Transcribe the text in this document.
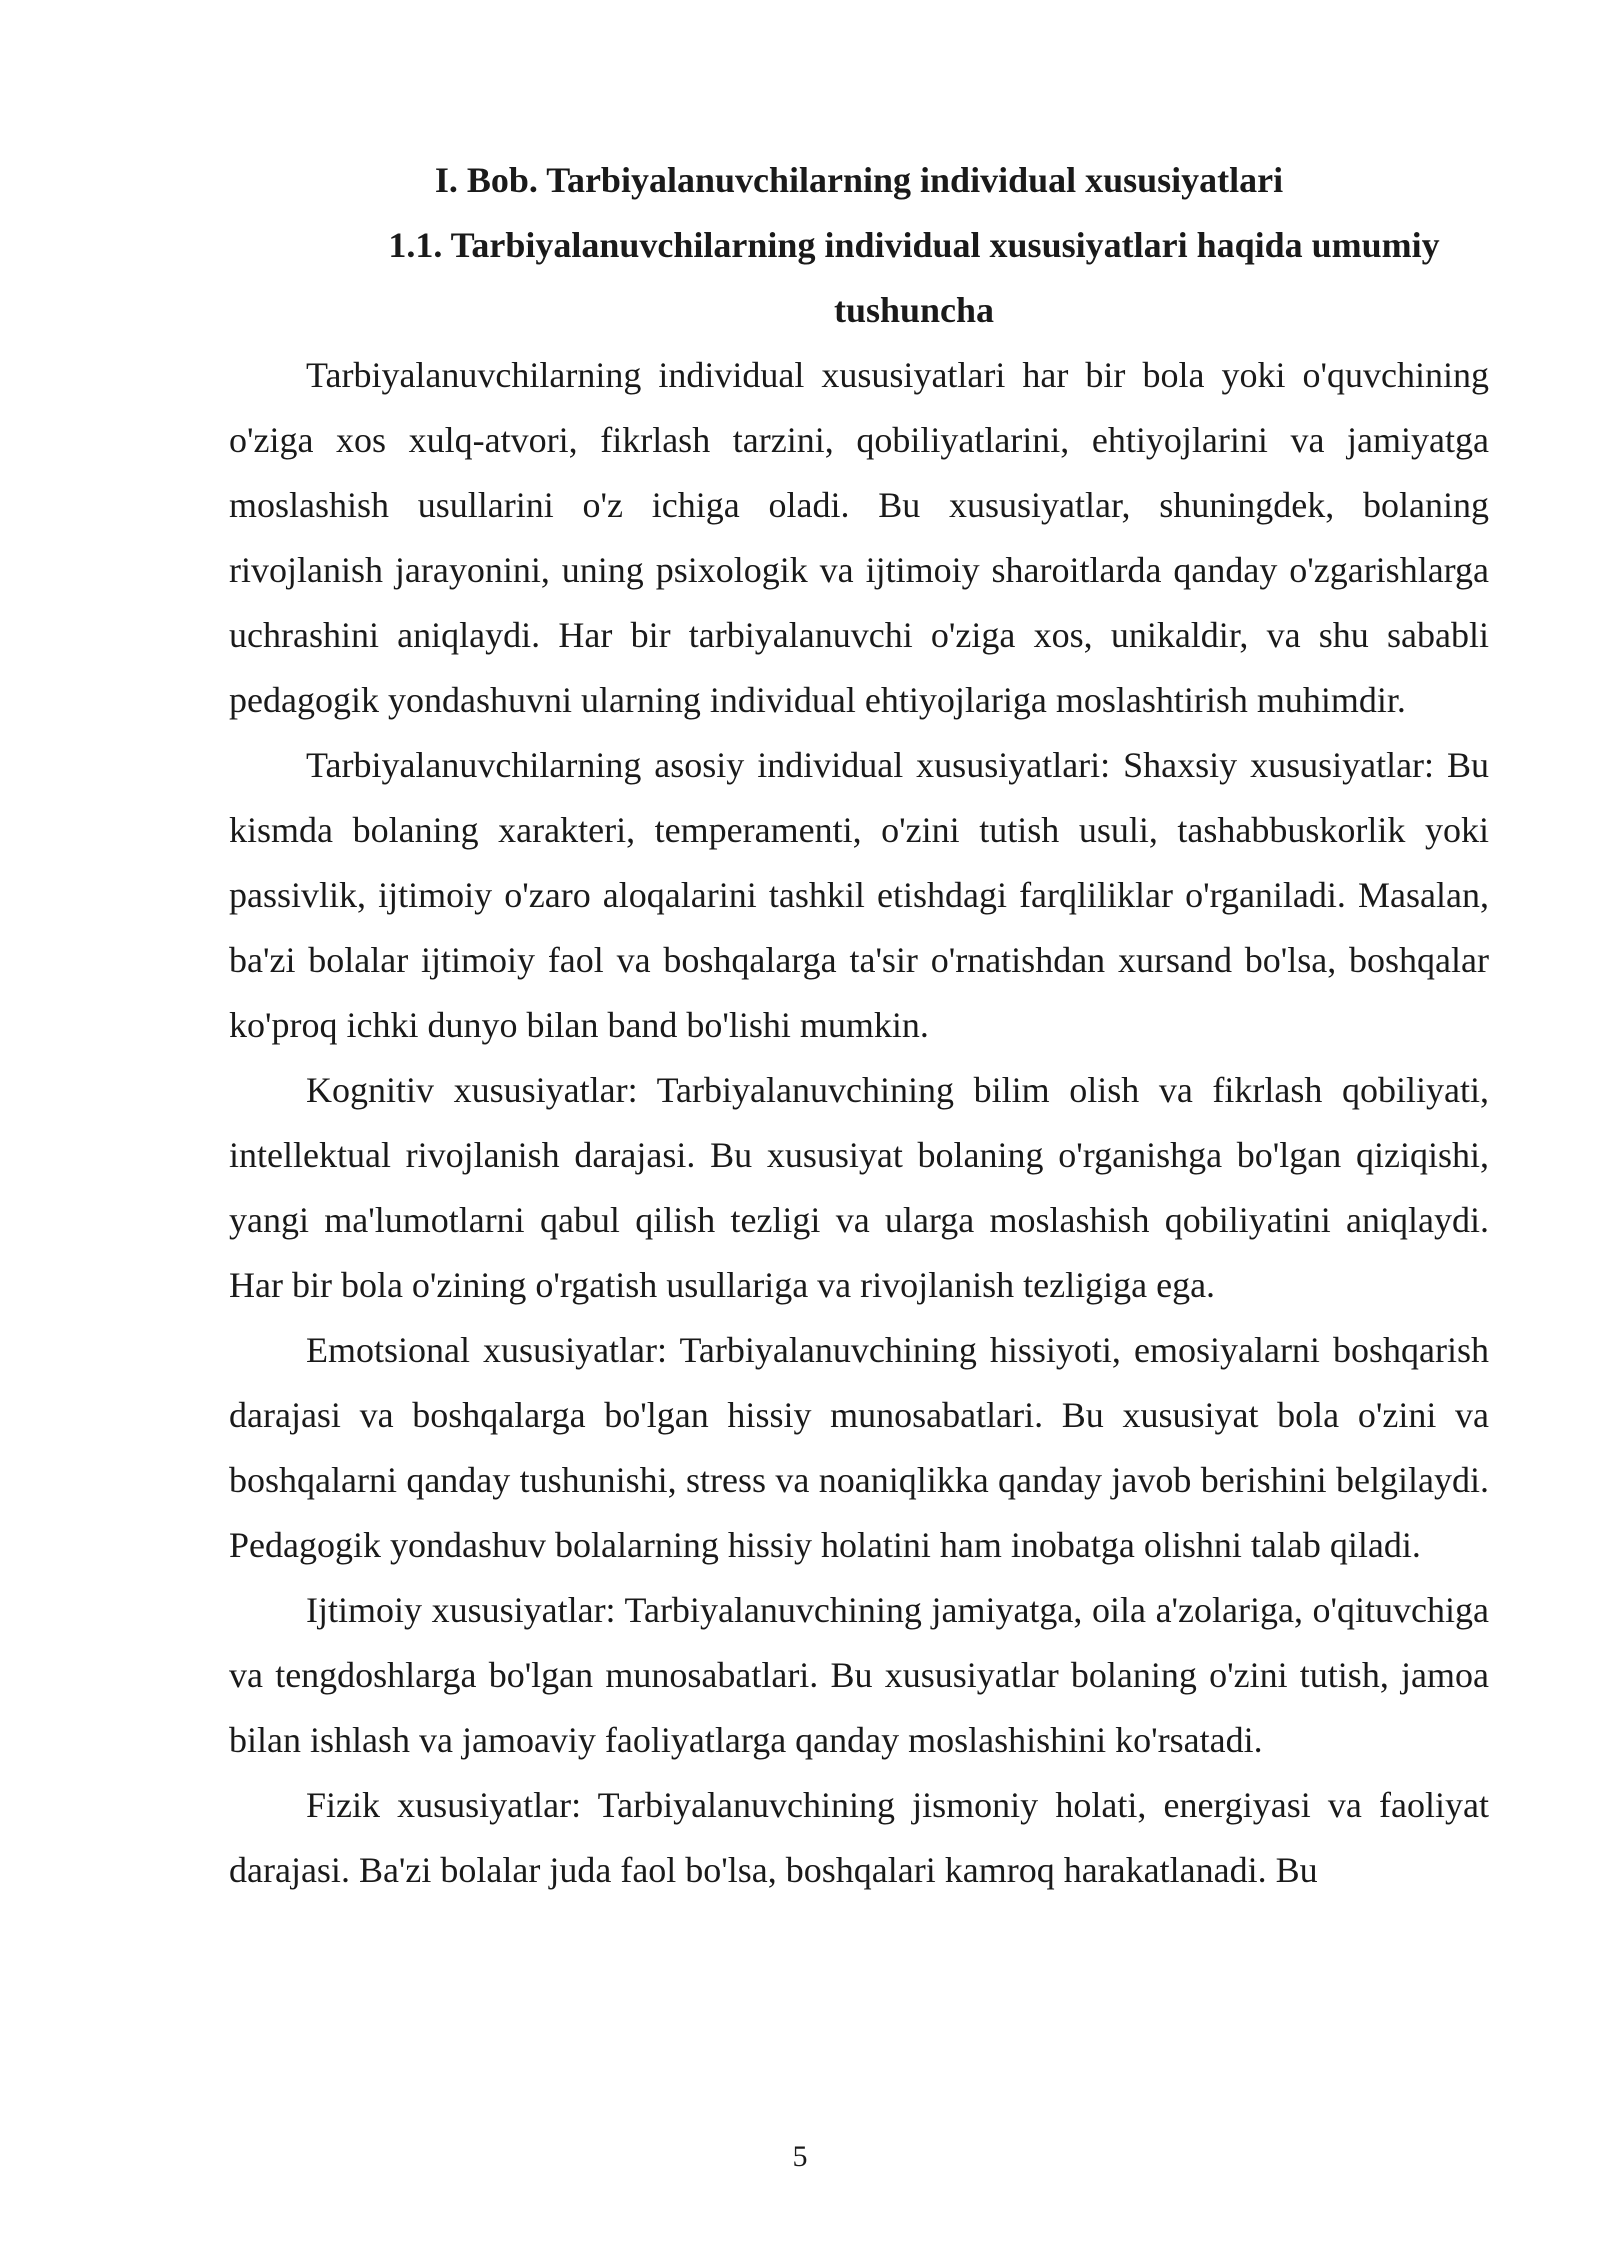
I. Bob. Tarbiyalanuvchilarning individual xususiyatlari
1.1. Tarbiyalanuvchilarning individual xususiyatlari haqida umumiy tushuncha

Tarbiyalanuvchilarning individual xususiyatlari har bir bola yoki o'quvchining o'ziga xos xulq-atvori, fikrlash tarzini, qobiliyatlarini, ehtiyojlarini va jamiyatga moslashish usullarini o'z ichiga oladi. Bu xususiyatlar, shuningdek, bolaning rivojlanish jarayonini, uning psixologik va ijtimoiy sharoitlarda qanday o'zgarishlarga uchrashini aniqlaydi. Har bir tarbiyalanuvchi o'ziga xos, unikaldir, va shu sababli pedagogik yondashuvni ularning individual ehtiyojlariga moslashtirish muhimdir.

Tarbiyalanuvchilarning asosiy individual xususiyatlari: Shaxsiy xususiyatlar: Bu kismda bolaning xarakteri, temperamenti, o'zini tutish usuli, tashabbuskorlik yoki passivlik, ijtimoiy o'zaro aloqalarini tashkil etishdagi farqliliklar o'rganiladi. Masalan, ba'zi bolalar ijtimoiy faol va boshqalarga ta'sir o'rnatishdan xursand bo'lsa, boshqalar ko'proq ichki dunyo bilan band bo'lishi mumkin.

Kognitiv xususiyatlar: Tarbiyalanuvchining bilim olish va fikrlash qobiliyati, intellektual rivojlanish darajasi. Bu xususiyat bolaning o'rganishga bo'lgan qiziqishi, yangi ma'lumotlarni qabul qilish tezligi va ularga moslashish qobiliyatini aniqlaydi. Har bir bola o'zining o'rgatish usullariga va rivojlanish tezligiga ega.

Emotsional xususiyatlar: Tarbiyalanuvchining hissiyoti, emosiyalarni boshqarish darajasi va boshqalarga bo'lgan hissiy munosabatlari. Bu xususiyat bola o'zini va boshqalarni qanday tushunishi, stress va noaniqlikka qanday javob berishini belgilaydi. Pedagogik yondashuv bolalarning hissiy holatini ham inobatga olishni talab qiladi.

Ijtimoiy xususiyatlar: Tarbiyalanuvchining jamiyatga, oila a'zolariga, o'qituvchiga va tengdoshlarga bo'lgan munosabatlari. Bu xususiyatlar bolaning o'zini tutish, jamoa bilan ishlash va jamoaviy faoliyatlarga qanday moslashishini ko'rsatadi.

Fizik xususiyatlar: Tarbiyalanuvchining jismoniy holati, energiyasi va faoliyat darajasi. Ba'zi bolalar juda faol bo'lsa, boshqalari kamroq harakatlanadi. Bu

5
